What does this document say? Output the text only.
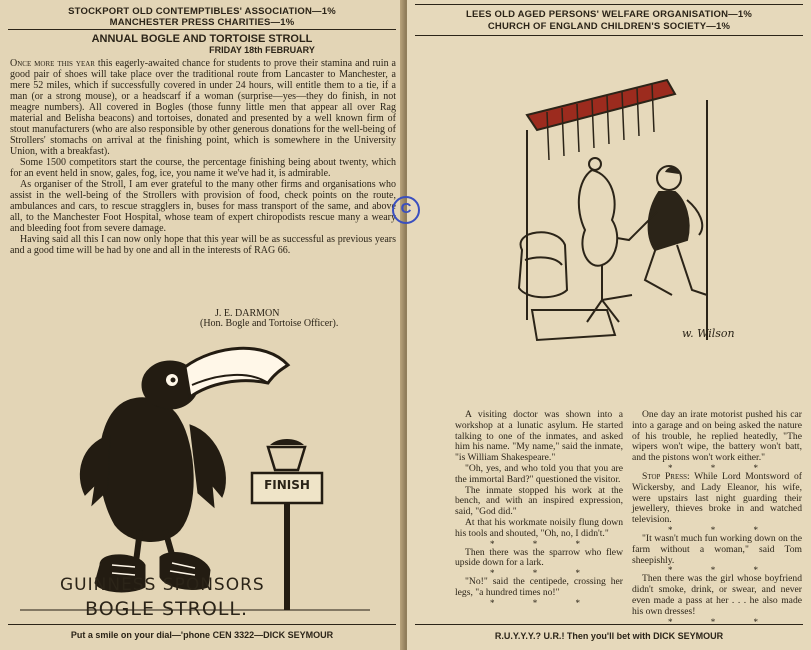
STOCKPORT OLD CONTEMPTIBLES' ASSOCIATION—1%
MANCHESTER PRESS CHARITIES—1%
ANNUAL BOGLE AND TORTOISE STROLL
FRIDAY 18th FEBRUARY

Once more this year this eagerly-awaited chance for students to prove their stamina and ruin a good pair of shoes will take place over the traditional route from Lancaster to Manchester, a mere 52 miles, which if successfully covered in under 24 hours, will entitle them to a tie, if a man (or a strong mouse), or a headscarf if a woman (surprise—yes—they do finish, in not meagre numbers). All covered in Bogles (those funny little men that appear all over Rag material and Belisha beacons) and tortoises, donated and presented by a well known firm of stout manufacturers (who are also responsible by other generous donations for the well-being of Strollers' stomachs on arrival at the finishing point, which is somewhere in the University Union, with a breakfast).

Some 1500 competitors start the course, the percentage finishing being about twenty, which for an event held in snow, gales, fog, ice, you name it we've had it, is admirable.

As organiser of the Stroll, I am ever grateful to the many other firms and organisations who assist in the well-being of the Strollers with provision of food, check points on the route, ambulances and cars, to rescue stragglers in, buses for mass transport of the same, and above all, to the Manchester Foot Hospital, whose team of expert chiropodists rescue many a weary and bleeding foot from severe damage.

Having said all this I can now only hope that this year will be as successful as previous years and a good time will be had by one and all in the interests of RAG 66.

J. E. DARMON
(Hon. Bogle and Tortoise Officer).
FINISH
GUINNESS SPONSORS
BOGLE STROLL.
Put a smile on your dial—'phone CEN 3322—DICK SEYMOUR
LEES OLD AGED PERSONS' WELFARE ORGANISATION—1%
CHURCH OF ENGLAND CHILDREN'S SOCIETY—1%
w. Wilson

A visiting doctor was shown into a workshop at a lunatic asylum. He started talking to one of the inmates, and asked him his name. "My name," said the inmate, "is William Shakespeare."

"Oh, yes, and who told you that you are the immortal Bard?" questioned the visitor.

The inmate stopped his work at the bench, and with an inspired expression, said, "God did."

At that his workmate noisily flung down his tools and shouted, "Oh, no, I didn't."

* * *

Then there was the sparrow who flew upside down for a lark.

* * *

"No!" said the centipede, crossing her legs, "a hundred times no!"

* * *

One day an irate motorist pushed his car into a garage and on being asked the nature of his trouble, he replied heatedly, "The wipers won't wipe, the battery won't batt, and the pistons won't work either."

* * *

Stop Press: While Lord Montsword of Wickersby, and Lady Eleanor, his wife, were upstairs last night guarding their jewellery, thieves broke in and watched television.

* * *

"It wasn't much fun working down on the farm without a woman," said Tom sheepishly.

* * *

Then there was the girl whose boyfriend didn't smoke, drink, or swear, and never even made a pass at her . . . he also made his own dresses!

* * *

R.U.Y.Y.Y.? U.R.! Then you'll bet with DICK SEYMOUR
C
